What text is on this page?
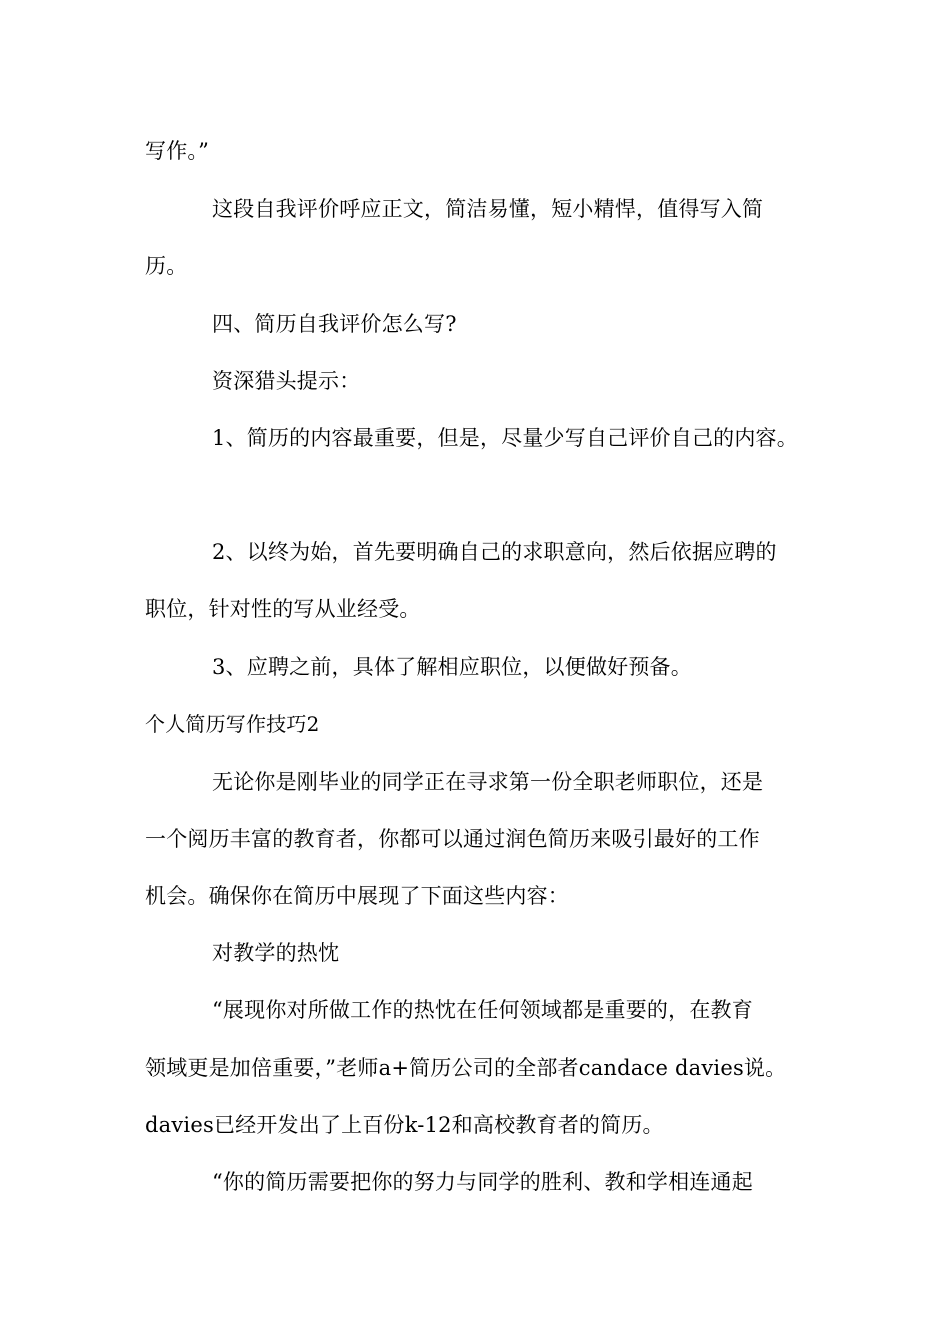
写作。”
这段自我评价呼应正文，简洁易懂，短小精悍，值得写入简
历。
四、简历自我评价怎么写?
资深猎头提示：
1、简历的内容最重要，但是，尽量少写自己评价自己的内容。
2、以终为始，首先要明确自己的求职意向，然后依据应聘的
职位，针对性的写从业经受。
3、应聘之前，具体了解相应职位，以便做好预备。
个人简历写作技巧2
无论你是刚毕业的同学正在寻求第一份全职老师职位，还是
一个阅历丰富的教育者，你都可以通过润色简历来吸引最好的工作
机会。确保你在简历中展现了下面这些内容：
对教学的热忱
“展现你对所做工作的热忱在任何领域都是重要的，在教育
领域更是加倍重要，”老师a+简历公司的全部者candace davies说。
davies已经开发出了上百份k-12和高校教育者的简历。
“你的简历需要把你的努力与同学的胜利、教和学相连通起
